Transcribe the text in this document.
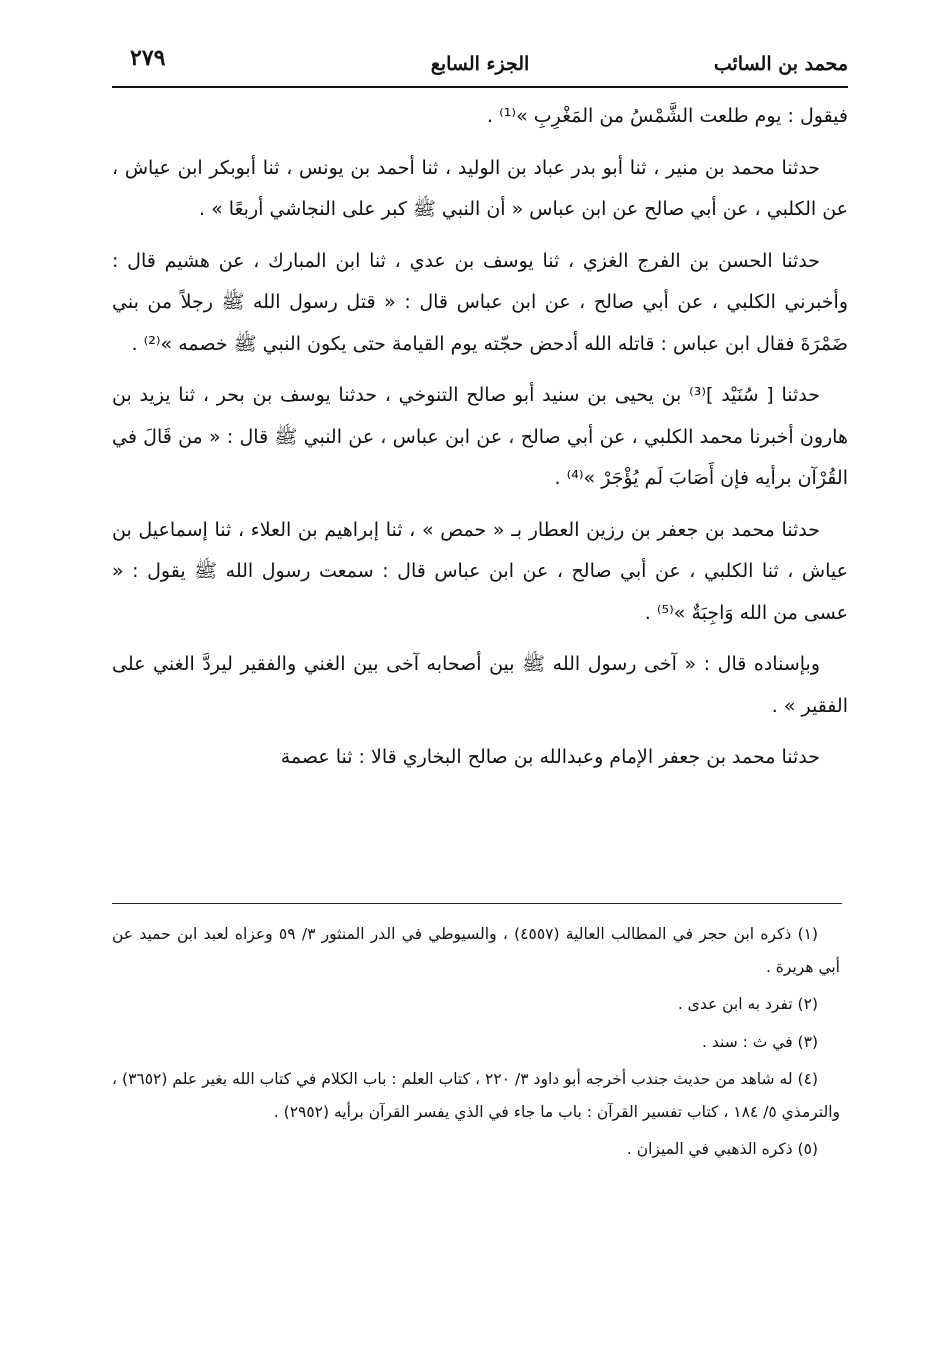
٢٧٩	الجزء السابع	محمد بن السائب

فيقول : يوم طلعت الشَّمْسُ من المَغْرِبِ »⁽¹⁾ .

حدثنا محمد بن منير ، ثنا أبو بدر عباد بن الوليد ، ثنا أحمد بن يونس ، ثنا أبوبكر ابن عياش ، عن الكلبي ، عن أبي صالح عن ابن عباس « أن النبي ﷺ كبر على النجاشي أربعًا » .

حدثنا الحسن بن الفرج الغزي ، ثنا يوسف بن عدي ، ثنا ابن المبارك ، عن هشيم قال : وأخبرني الكلبي ، عن أبي صالح ، عن ابن عباس قال : « قتل رسول الله ﷺ رجلاً من بني ضَمْرَةَ فقال ابن عباس : قاتله الله أدحض حجّته يوم القيامة حتى يكون النبي ﷺ خصمه »⁽²⁾ .

حدثنا [ سُنَيْد ]⁽³⁾ بن يحيى بن سنيد أبو صالح التنوخي ، حدثنا يوسف بن بحر ، ثنا يزيد بن هارون أخبرنا محمد الكلبي ، عن أبي صالح ، عن ابن عباس ، عن النبي ﷺ قال : « من قَالَ في القُرْآن برأيه فإن أَصَابَ لَم يُؤْجَرْ »⁽⁴⁾ .

حدثنا محمد بن جعفر بن رزين العطار بـ « حمص » ، ثنا إبراهيم بن العلاء ، ثنا إسماعيل بن عياش ، ثنا الكلبي ، عن أبي صالح ، عن ابن عباس قال : سمعت رسول الله ﷺ يقول : « عسى من الله وَاجِبَةٌ »⁽⁵⁾ .

وبإسناده قال : « آخى رسول الله ﷺ بين أصحابه آخى بين الغني والفقير ليردَّ الغني على الفقير » .

حدثنا محمد بن جعفر الإمام وعبدالله بن صالح البخاري قالا : ثنا عصمة

(١) ذكره ابن حجر في المطالب العالية (٤٥٥٧) ، والسيوطي في الدر المنثور ٣/ ٥٩ وعزاه لعبد ابن حميد عن أبي هريرة .

(٢) تفرد به ابن عدى .

(٣) في ث : سند .

(٤) له شاهد من حديث جندب أخرجه أبو داود ٣/ ٢٢٠ ، كتاب العلم : باب الكلام في كتاب الله بغير علم (٣٦٥٢) ، والترمذي ٥/ ١٨٤ ، كتاب تفسير القرآن : باب ما جاء في الذي يفسر القرآن برأيه (٢٩٥٢) .

(٥) ذكره الذهبي في الميزان .
